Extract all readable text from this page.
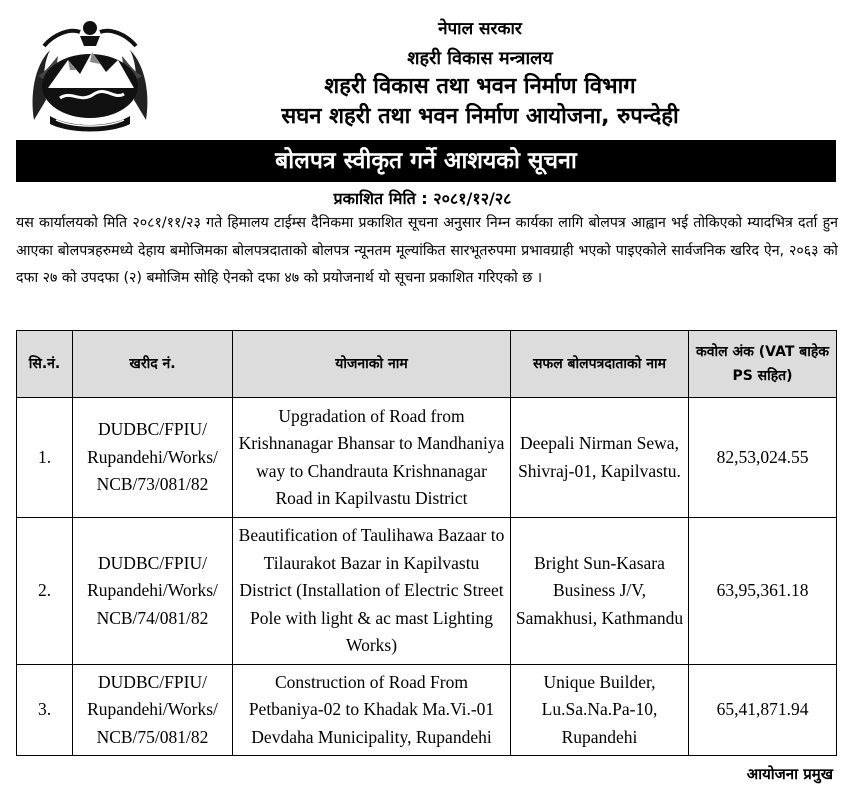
नेपाल सरकार
शहरी विकास मन्त्रालय
शहरी विकास तथा भवन निर्माण विभाग
सघन शहरी तथा भवन निर्माण आयोजना, रुपन्देही
बोलपत्र स्वीकृत गर्ने आशयको सूचना
प्रकाशित मिति : २०८१/१२/२८
यस कार्यालयको मिति २०८१/११/२३ गते हिमालय टाईम्स दैनिकमा प्रकाशित सूचना अनुसार निम्न कार्यका लागि बोलपत्र आह्वान भई तोकिएको म्यादभित्र दर्ता हुन आएका बोलपत्रहरुमध्ये देहाय बमोजिमका बोलपत्रदाताको बोलपत्र न्यूनतम मूल्यांकित सारभूतरुपमा प्रभावग्राही भएको पाइएकोले सार्वजनिक खरिद ऐन, २०६३ को दफा २७ को उपदफा (२) बमोजिम सोहि ऐनको दफा ४७ को प्रयोजनार्थ यो सूचना प्रकाशित गरिएको छ ।
सि.नं.	खरीद नं.	योजनाको नाम	सफल बोलपत्रदाताको नाम	कवोल अंक (VAT बाहेक PS सहित)
1.	DUDBC/FPIU/ Rupandehi/Works/ NCB/73/081/82	Upgradation of Road from Krishnanagar Bhansar to Mandhaniya way to Chandrauta Krishnanagar Road in Kapilvastu District	Deepali Nirman Sewa, Shivraj-01, Kapilvastu.	82,53,024.55
2.	DUDBC/FPIU/ Rupandehi/Works/ NCB/74/081/82	Beautification of Taulihawa Bazaar to Tilaurakot Bazar in Kapilvastu District (Installation of Electric Street Pole with light & ac mast Lighting Works)	Bright Sun-Kasara Business J/V, Samakhusi, Kathmandu	63,95,361.18
3.	DUDBC/FPIU/ Rupandehi/Works/ NCB/75/081/82	Construction of Road From Petbaniya-02 to Khadak Ma.Vi.-01 Devdaha Municipality, Rupandehi	Unique Builder, Lu.Sa.Na.Pa-10, Rupandehi	65,41,871.94
आयोजना प्रमुख
